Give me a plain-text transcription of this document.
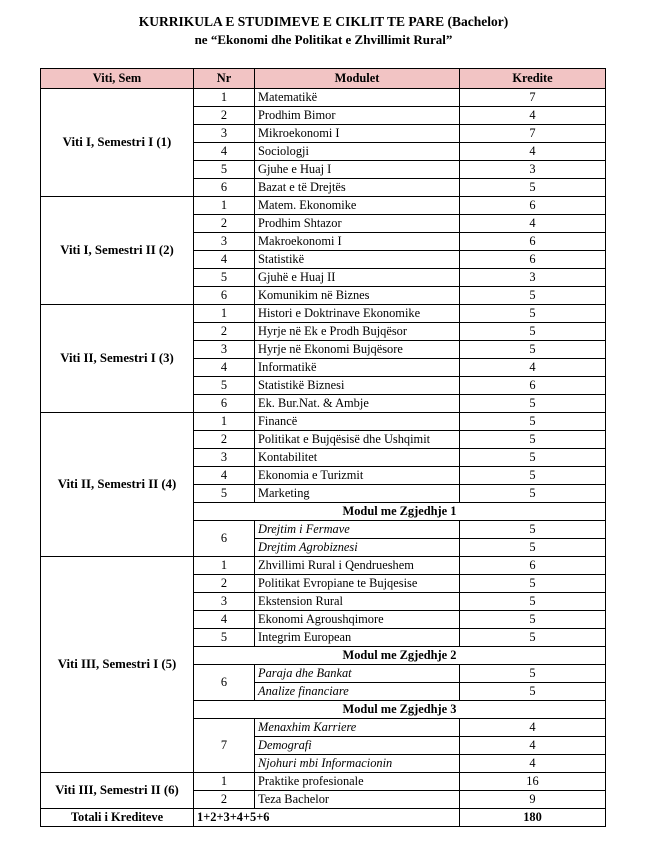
KURRIKULA E STUDIMEVE E CIKLIT TE PARE (Bachelor)
ne “Ekonomi dhe Politikat e Zhvillimit Rural”
Viti, Sem	Nr	Modulet	Kredite
Viti I, Semestri I (1)	1	Matematikë	7
	2	Prodhim Bimor	4
	3	Mikroekonomi I	7
	4	Sociologji	4
	5	Gjuhe e Huaj I	3
	6	Bazat e të Drejtës	5
Viti I, Semestri II (2)	1	Matem. Ekonomike	6
	2	Prodhim Shtazor	4
	3	Makroekonomi I	6
	4	Statistikë	6
	5	Gjuhë e Huaj II	3
	6	Komunikim në Biznes	5
Viti II, Semestri I (3)	1	Histori e Doktrinave Ekonomike	5
	2	Hyrje në Ek e Prodh Bujqësor	5
	3	Hyrje në Ekonomi Bujqësore	5
	4	Informatikë	4
	5	Statistikë Biznesi	6
	6	Ek. Bur.Nat. & Ambje	5
Viti II, Semestri II (4)	1	Financë	5
	2	Politikat e Bujqësisë dhe Ushqimit	5
	3	Kontabilitet	5
	4	Ekonomia e Turizmit	5
	5	Marketing	5
	Modul me Zgjedhje 1		
	6	Drejtim i Fermave	5
		Drejtim Agrobiznesi	5
Viti III, Semestri I (5)	1	Zhvillimi Rural i Qendrueshem	6
	2	Politikat Evropiane te Bujqesise	5
	3	Ekstension Rural	5
	4	Ekonomi Agroushqimore	5
	5	Integrim European	5
	Modul me Zgjedhje 2		
	6	Paraja dhe Bankat	5
		Analize financiare	5
	Modul me Zgjedhje 3		
	7	Menaxhim Karriere	4
		Demografi	4
		Njohuri mbi Informacionin	4
Viti III, Semestri II (6)	1	Praktike profesionale	16
	2	Teza Bachelor	9
Totali i Krediteve	1+2+3+4+5+6		180
